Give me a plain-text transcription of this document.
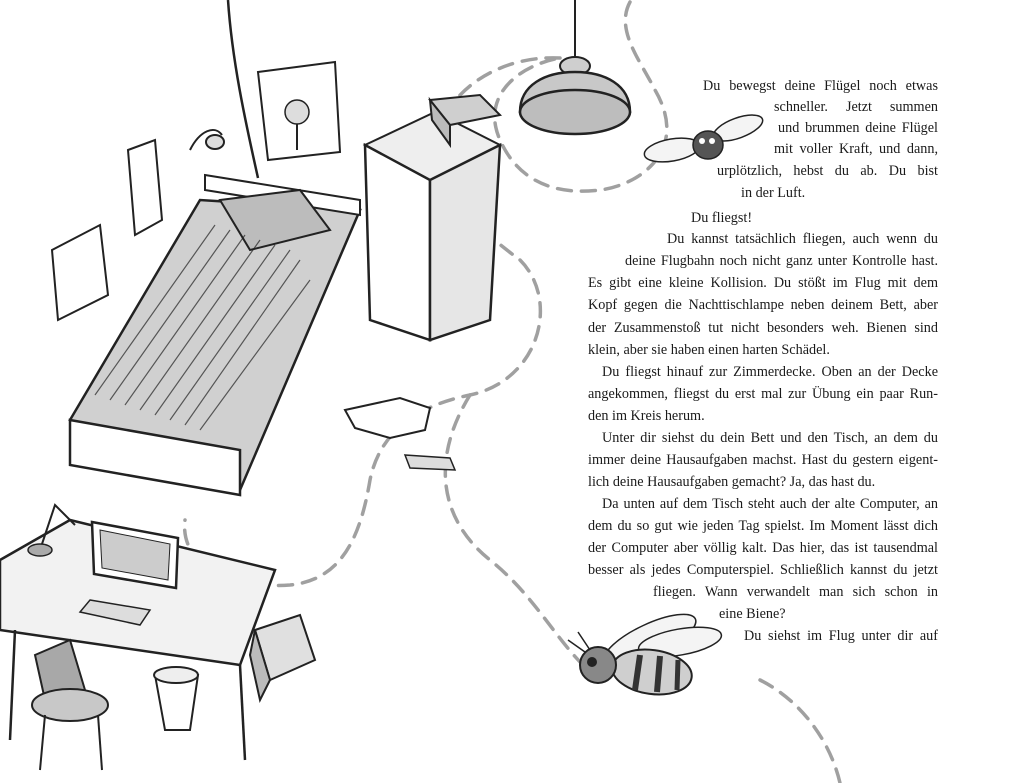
Du bewegst deine Flügel noch etwas
schneller. Jetzt summen
und brummen deine Flügel
mit voller Kraft, und dann,
urplötzlich, hebst du ab. Du bist
in der Luft.
Du fliegst!
Du kannst tatsächlich fliegen, auch wenn du
deine Flugbahn noch nicht ganz unter Kontrolle hast.
Es gibt eine kleine Kollision. Du stößt im Flug mit dem
Kopf gegen die Nachttischlampe neben deinem Bett, aber
der Zusammenstoß tut nicht besonders weh. Bienen sind
klein, aber sie haben einen harten Schädel.
Du fliegst hinauf zur Zimmerdecke. Oben an der Decke
angekommen, fliegst du erst mal zur Übung ein paar Run-
den im Kreis herum.
Unter dir siehst du dein Bett und den Tisch, an dem du
immer deine Hausaufgaben machst. Hast du gestern eigent-
lich deine Hausaufgaben gemacht? Ja, das hast du.
Da unten auf dem Tisch steht auch der alte Computer, an
dem du so gut wie jeden Tag spielst. Im Moment lässt dich
der Computer aber völlig kalt. Das hier, das ist tausendmal
besser als jedes Computerspiel. Schließlich kannst du jetzt
fliegen. Wann verwandelt man sich schon in
eine Biene?
Du siehst im Flug unter dir auf
